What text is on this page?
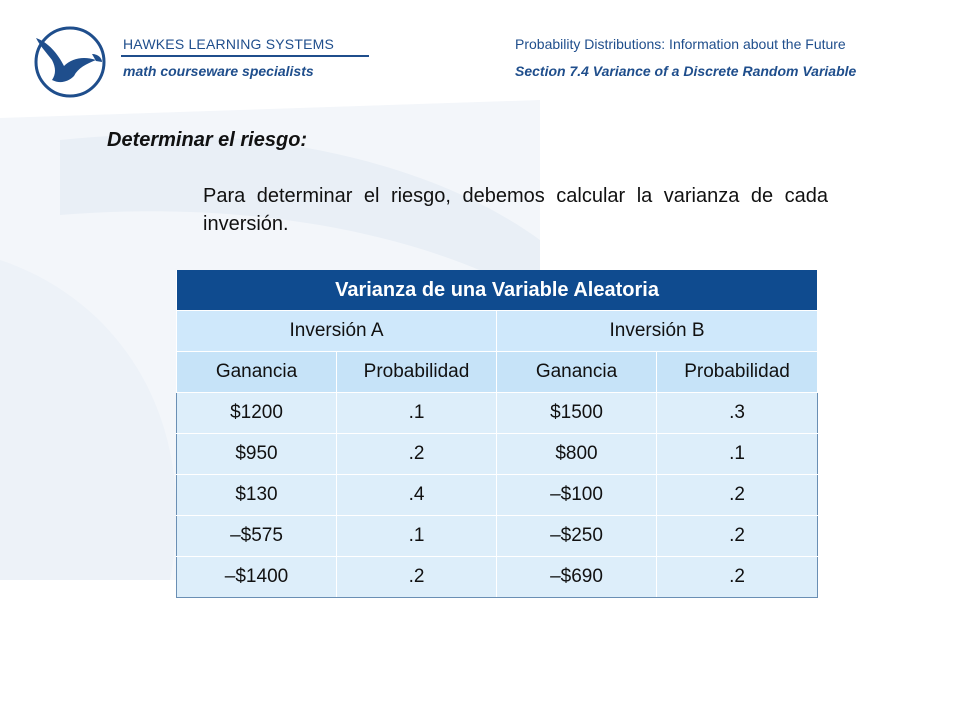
HAWKES LEARNING SYSTEMS
math courseware specialists
Probability Distributions: Information about the Future
Section 7.4 Variance of a Discrete Random Variable
Determinar el riesgo:
Para determinar el riesgo, debemos calcular la varianza de cada inversión.
Varianza de una Variable Aleatoria			
Inversión A		Inversión B	
Ganancia	Probabilidad	Ganancia	Probabilidad
$1200	.1	$1500	.3
$950	.2	$800	.1
$130	.4	–$100	.2
–$575	.1	–$250	.2
–$1400	.2	–$690	.2
